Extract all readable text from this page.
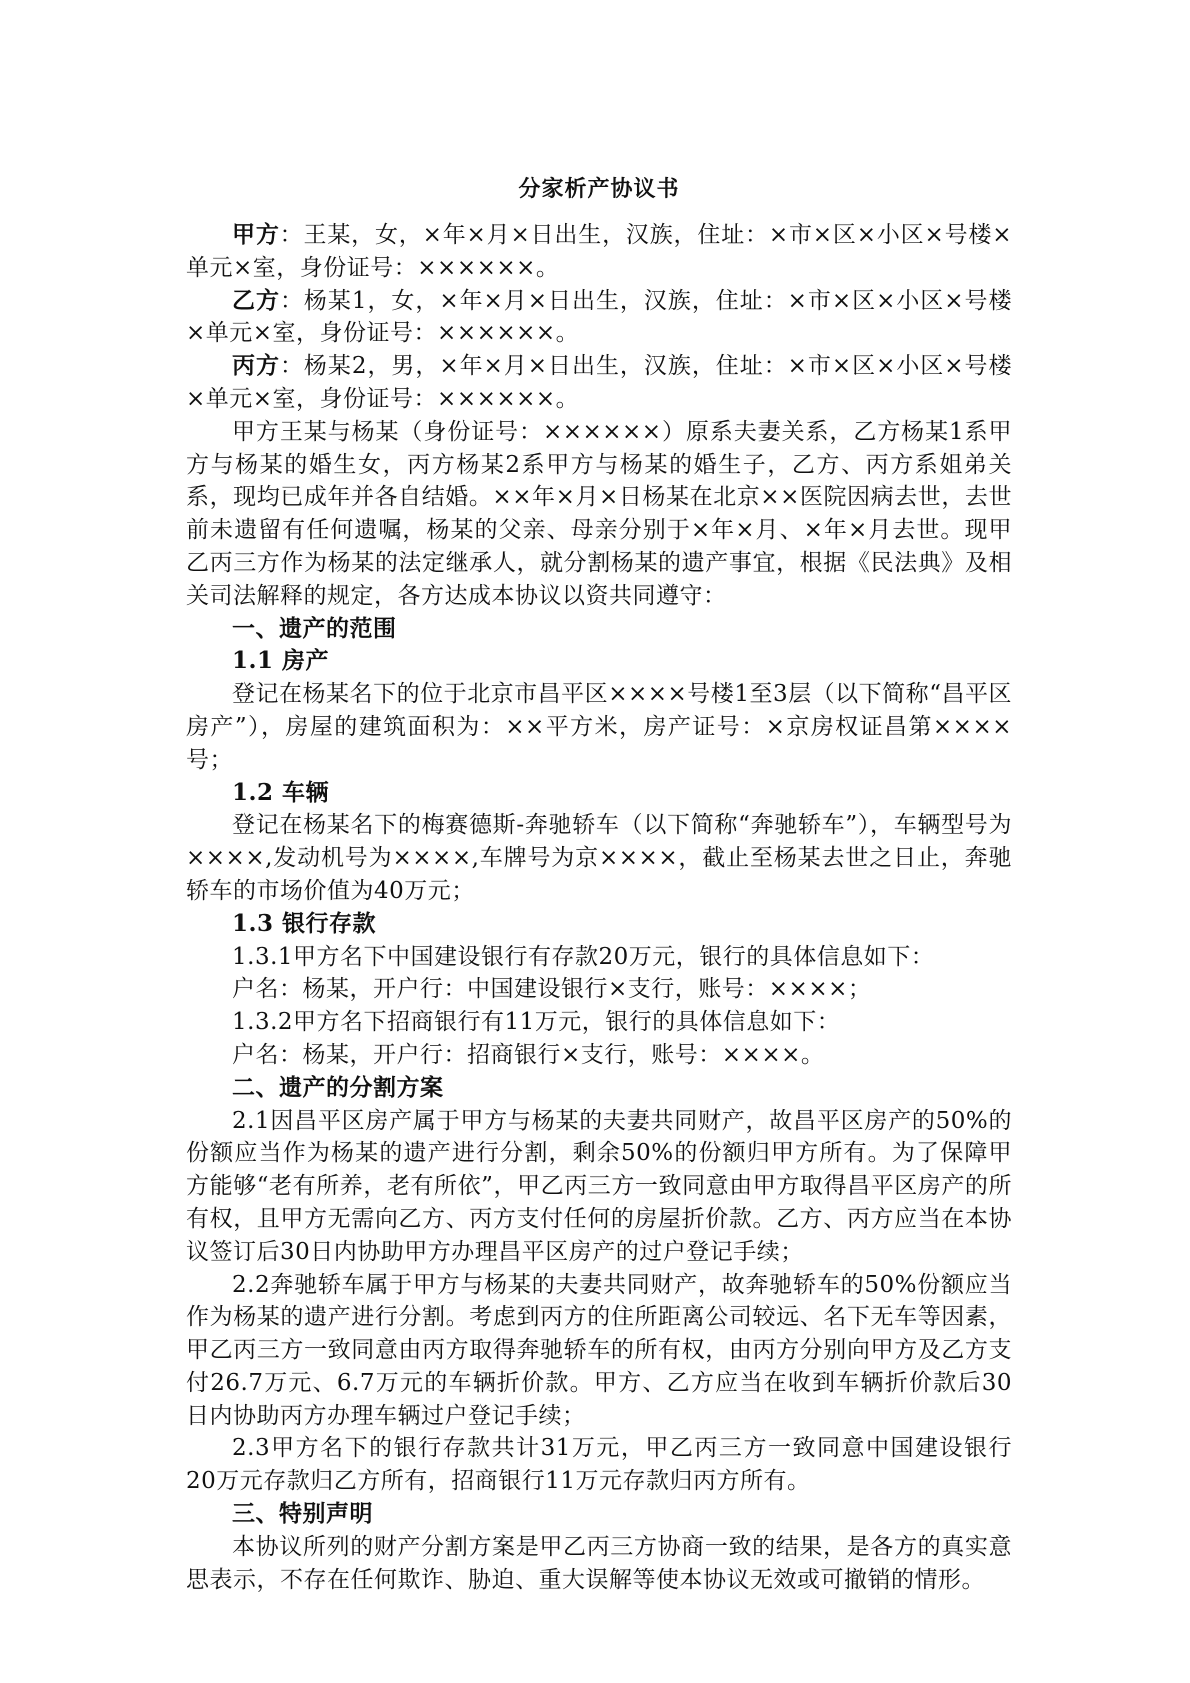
分家析产协议书

甲方：王某，女，×年×月×日出生，汉族，住址：×市×区×小区×号楼×单元×室，身份证号：××××××。

乙方：杨某1，女，×年×月×日出生，汉族，住址：×市×区×小区×号楼×单元×室，身份证号：××××××。

丙方：杨某2，男，×年×月×日出生，汉族，住址：×市×区×小区×号楼×单元×室，身份证号：××××××。

甲方王某与杨某（身份证号：××××××）原系夫妻关系，乙方杨某1系甲方与杨某的婚生女，丙方杨某2系甲方与杨某的婚生子，乙方、丙方系姐弟关系，现均已成年并各自结婚。××年×月×日杨某在北京××医院因病去世，去世前未遗留有任何遗嘱，杨某的父亲、母亲分别于×年×月、×年×月去世。现甲乙丙三方作为杨某的法定继承人，就分割杨某的遗产事宜，根据《民法典》及相关司法解释的规定，各方达成本协议以资共同遵守：

一、遗产的范围

1.1 房产

登记在杨某名下的位于北京市昌平区××××号楼1至3层（以下简称“昌平区房产”），房屋的建筑面积为：××平方米，房产证号：×京房权证昌第××××号；

1.2 车辆

登记在杨某名下的梅赛德斯-奔驰轿车（以下简称“奔驰轿车”），车辆型号为××××,发动机号为××××,车牌号为京××××，截止至杨某去世之日止，奔驰轿车的市场价值为40万元；

1.3 银行存款

1.3.1甲方名下中国建设银行有存款20万元，银行的具体信息如下：

户名：杨某，开户行：中国建设银行×支行，账号：××××；

1.3.2甲方名下招商银行有11万元，银行的具体信息如下：

户名：杨某，开户行：招商银行×支行，账号：××××。

二、遗产的分割方案

2.1因昌平区房产属于甲方与杨某的夫妻共同财产，故昌平区房产的50%的份额应当作为杨某的遗产进行分割，剩余50%的份额归甲方所有。为了保障甲方能够“老有所养，老有所依”，甲乙丙三方一致同意由甲方取得昌平区房产的所有权，且甲方无需向乙方、丙方支付任何的房屋折价款。乙方、丙方应当在本协议签订后30日内协助甲方办理昌平区房产的过户登记手续；

2.2奔驰轿车属于甲方与杨某的夫妻共同财产，故奔驰轿车的50%份额应当作为杨某的遗产进行分割。考虑到丙方的住所距离公司较远、名下无车等因素，甲乙丙三方一致同意由丙方取得奔驰轿车的所有权，由丙方分别向甲方及乙方支付26.7万元、6.7万元的车辆折价款。甲方、乙方应当在收到车辆折价款后30日内协助丙方办理车辆过户登记手续；

2.3甲方名下的银行存款共计31万元，甲乙丙三方一致同意中国建设银行20万元存款归乙方所有，招商银行11万元存款归丙方所有。

三、特别声明

本协议所列的财产分割方案是甲乙丙三方协商一致的结果，是各方的真实意思表示，不存在任何欺诈、胁迫、重大误解等使本协议无效或可撤销的情形。
